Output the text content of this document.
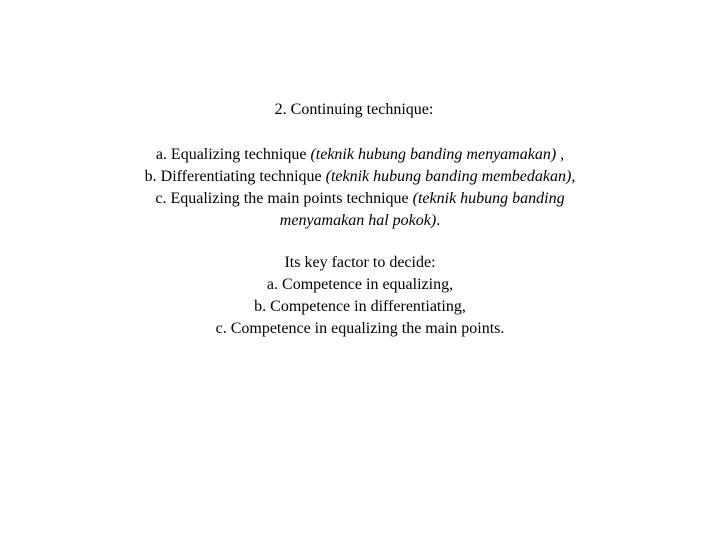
2. Continuing technique:
a. Equalizing technique (teknik hubung banding menyamakan) ,
b. Differentiating technique (teknik hubung banding membedakan),
c. Equalizing the main points technique (teknik hubung banding
menyamakan hal pokok).
Its key factor to decide:
a. Competence in equalizing,
b. Competence in differentiating,
c. Competence in equalizing the main points.
